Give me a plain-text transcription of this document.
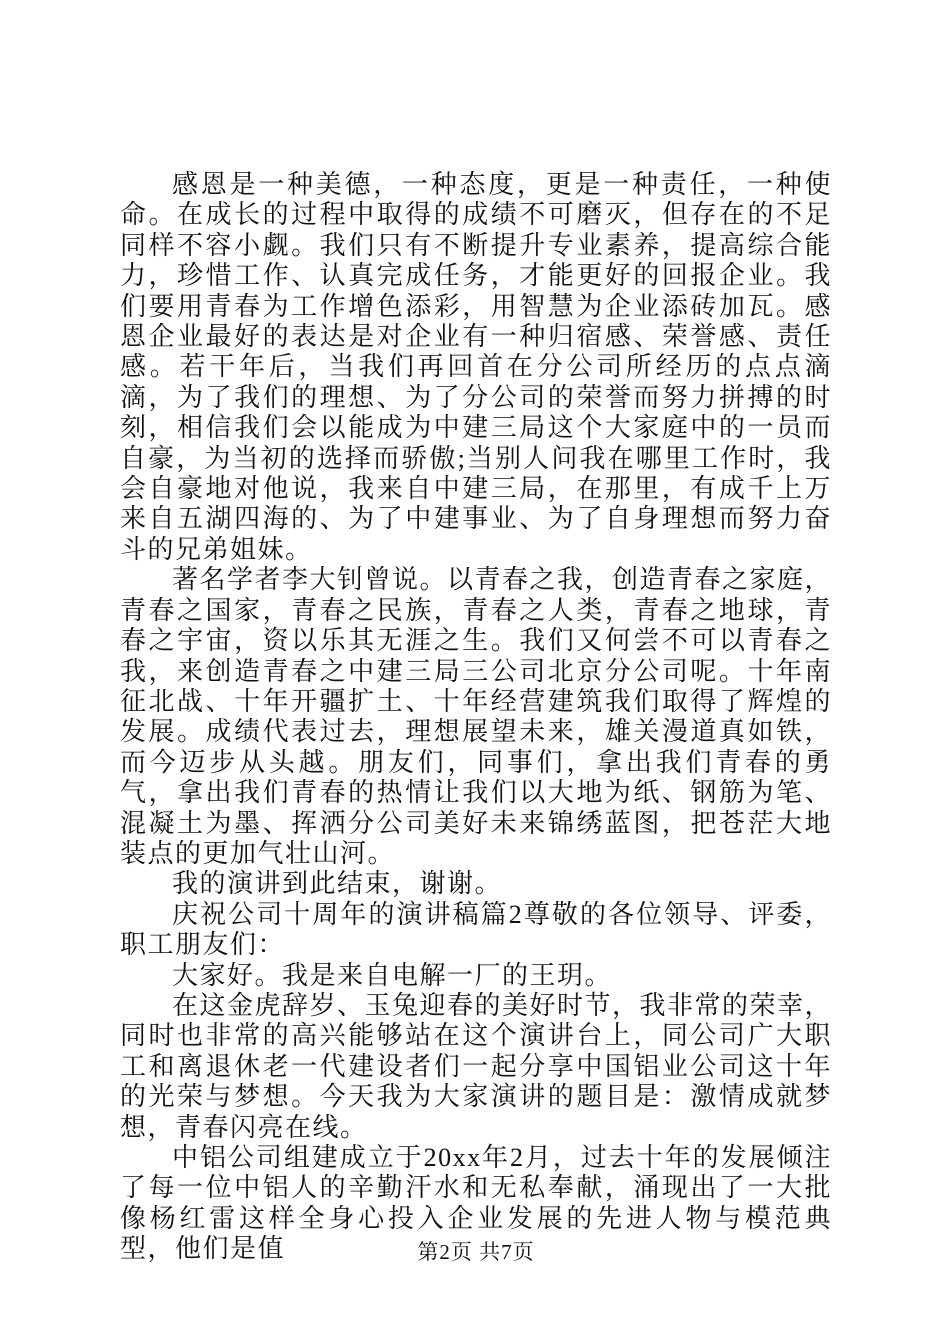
感恩是一种美德，一种态度，更是一种责任，一种使命。在成长的过程中取得的成绩不可磨灭，但存在的不足同样不容小觑。我们只有不断提升专业素养，提高综合能力，珍惜工作、认真完成任务，才能更好的回报企业。我们要用青春为工作增色添彩，用智慧为企业添砖加瓦。感恩企业最好的表达是对企业有一种归宿感、荣誉感、责任感。若干年后，当我们再回首在分公司所经历的点点滴滴，为了我们的理想、为了分公司的荣誉而努力拼搏的时刻，相信我们会以能成为中建三局这个大家庭中的一员而自豪，为当初的选择而骄傲;当别人问我在哪里工作时，我会自豪地对他说，我来自中建三局，在那里，有成千上万来自五湖四海的、为了中建事业、为了自身理想而努力奋斗的兄弟姐妹。

著名学者李大钊曾说。以青春之我，创造青春之家庭，青春之国家，青春之民族，青春之人类，青春之地球，青春之宇宙，资以乐其无涯之生。我们又何尝不可以青春之我，来创造青春之中建三局三公司北京分公司呢。十年南征北战、十年开疆扩土、十年经营建筑我们取得了辉煌的发展。成绩代表过去，理想展望未来，雄关漫道真如铁，而今迈步从头越。朋友们，同事们，拿出我们青春的勇气，拿出我们青春的热情让我们以大地为纸、钢筋为笔、混凝土为墨、挥洒分公司美好未来锦绣蓝图，把苍茫大地装点的更加气壮山河。

我的演讲到此结束，谢谢。

庆祝公司十周年的演讲稿篇2尊敬的各位领导、评委，职工朋友们：

大家好。我是来自电解一厂的王玥。

在这金虎辞岁、玉兔迎春的美好时节，我非常的荣幸，同时也非常的高兴能够站在这个演讲台上，同公司广大职工和离退休老一代建设者们一起分享中国铝业公司这十年的光荣与梦想。今天我为大家演讲的题目是：激情成就梦想，青春闪亮在线。

中铝公司组建成立于20xx年2月，过去十年的发展倾注了每一位中铝人的辛勤汗水和无私奉献，涌现出了一大批像杨红雷这样全身心投入企业发展的先进人物与模范典型，他们是值	第2页 共7页
